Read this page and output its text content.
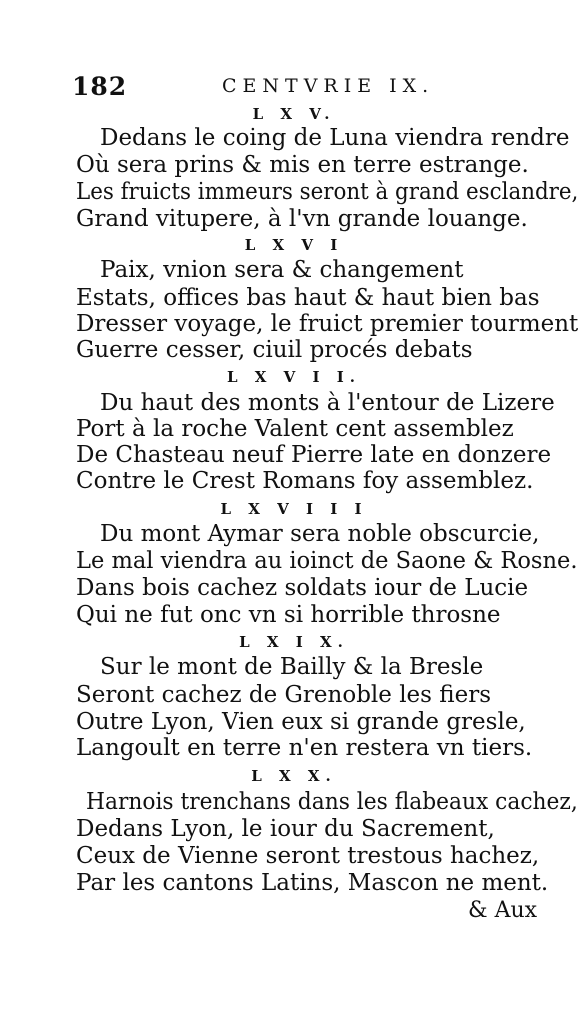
182	CENTVRIE IX.
L X V.
Dedans le coing de Luna viendra rendre
Où sera prins & mis en terre estrange.
Les fruicts immeurs seront à grand esclandre,
Grand vitupere, à l'vn grande louange.
L X V I
Paix, vnion sera & changement
Estats, offices bas haut & haut bien bas
Dresser voyage, le fruict premier tourment
Guerre cesser, ciuil procés debats
L X V I I.
Du haut des monts à l'entour de Lizere
Port à la roche Valent cent assemblez
De Chasteau neuf Pierre late en donzere
Contre le Crest Romans foy assemblez.
L X V I I I
Du mont Aymar sera noble obscurcie,
Le mal viendra au ioinct de Saone & Rosne.
Dans bois cachez soldats iour de Lucie
Qui ne fut onc vn si horrible throsne
L X I X.
Sur le mont de Bailly & la Bresle
Seront cachez de Grenoble les fiers
Outre Lyon, Vien eux si grande gresle,
Langoult en terre n'en restera vn tiers.
L X X.
Harnois trenchans dans les flabeaux cachez,
Dedans Lyon, le iour du Sacrement,
Ceux de Vienne seront trestous hachez,
Par les cantons Latins, Mascon ne ment.
& Aux
